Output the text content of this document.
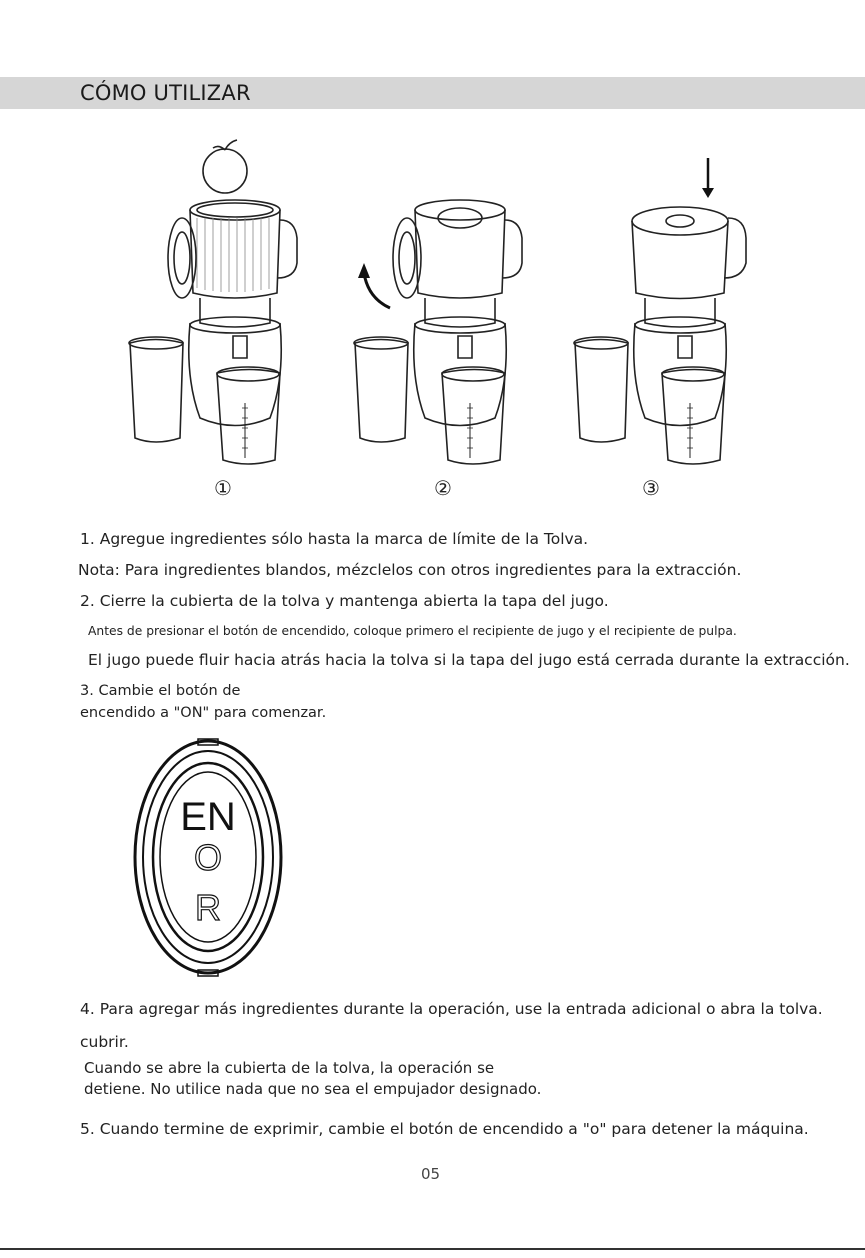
CÓMO UTILIZAR
①	②	③
1. Agregue ingredientes sólo hasta la marca de límite de la Tolva.
Nota: Para ingredientes blandos, mézclelos con otros ingredientes para la extracción.
2. Cierre la cubierta de la tolva y mantenga abierta la tapa del jugo.
Antes de presionar el botón de encendido, coloque primero el recipiente de jugo y el recipiente de pulpa.
El jugo puede fluir hacia atrás hacia la tolva si la tapa del jugo está cerrada durante la extracción.
3. Cambie el botón de
encendido a "ON" para comenzar.
EN
O
R
4. Para agregar más ingredientes durante la operación, use la entrada adicional o abra la tolva.
cubrir.
Cuando se abre la cubierta de la tolva, la operación se
detiene. No utilice nada que no sea el empujador designado.
5. Cuando termine de exprimir, cambie el botón de encendido a "o" para detener la máquina.
05
